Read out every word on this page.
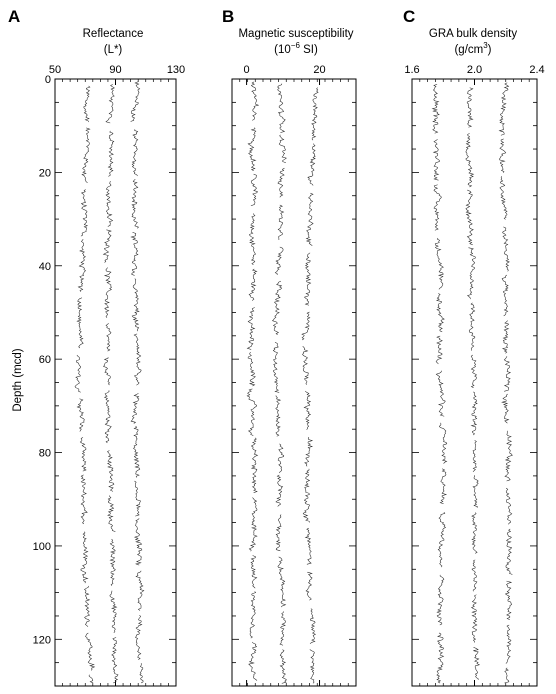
A
Reflectance
(L*)
50	90	130
B
Magnetic susceptibility
($10^{-6}$ SI)
0	20
C
GRA bulk density
$(g/cm^3)$
1.6	2.0	2.4
Depth (mcd)
0
20
40
60
80
100
120
